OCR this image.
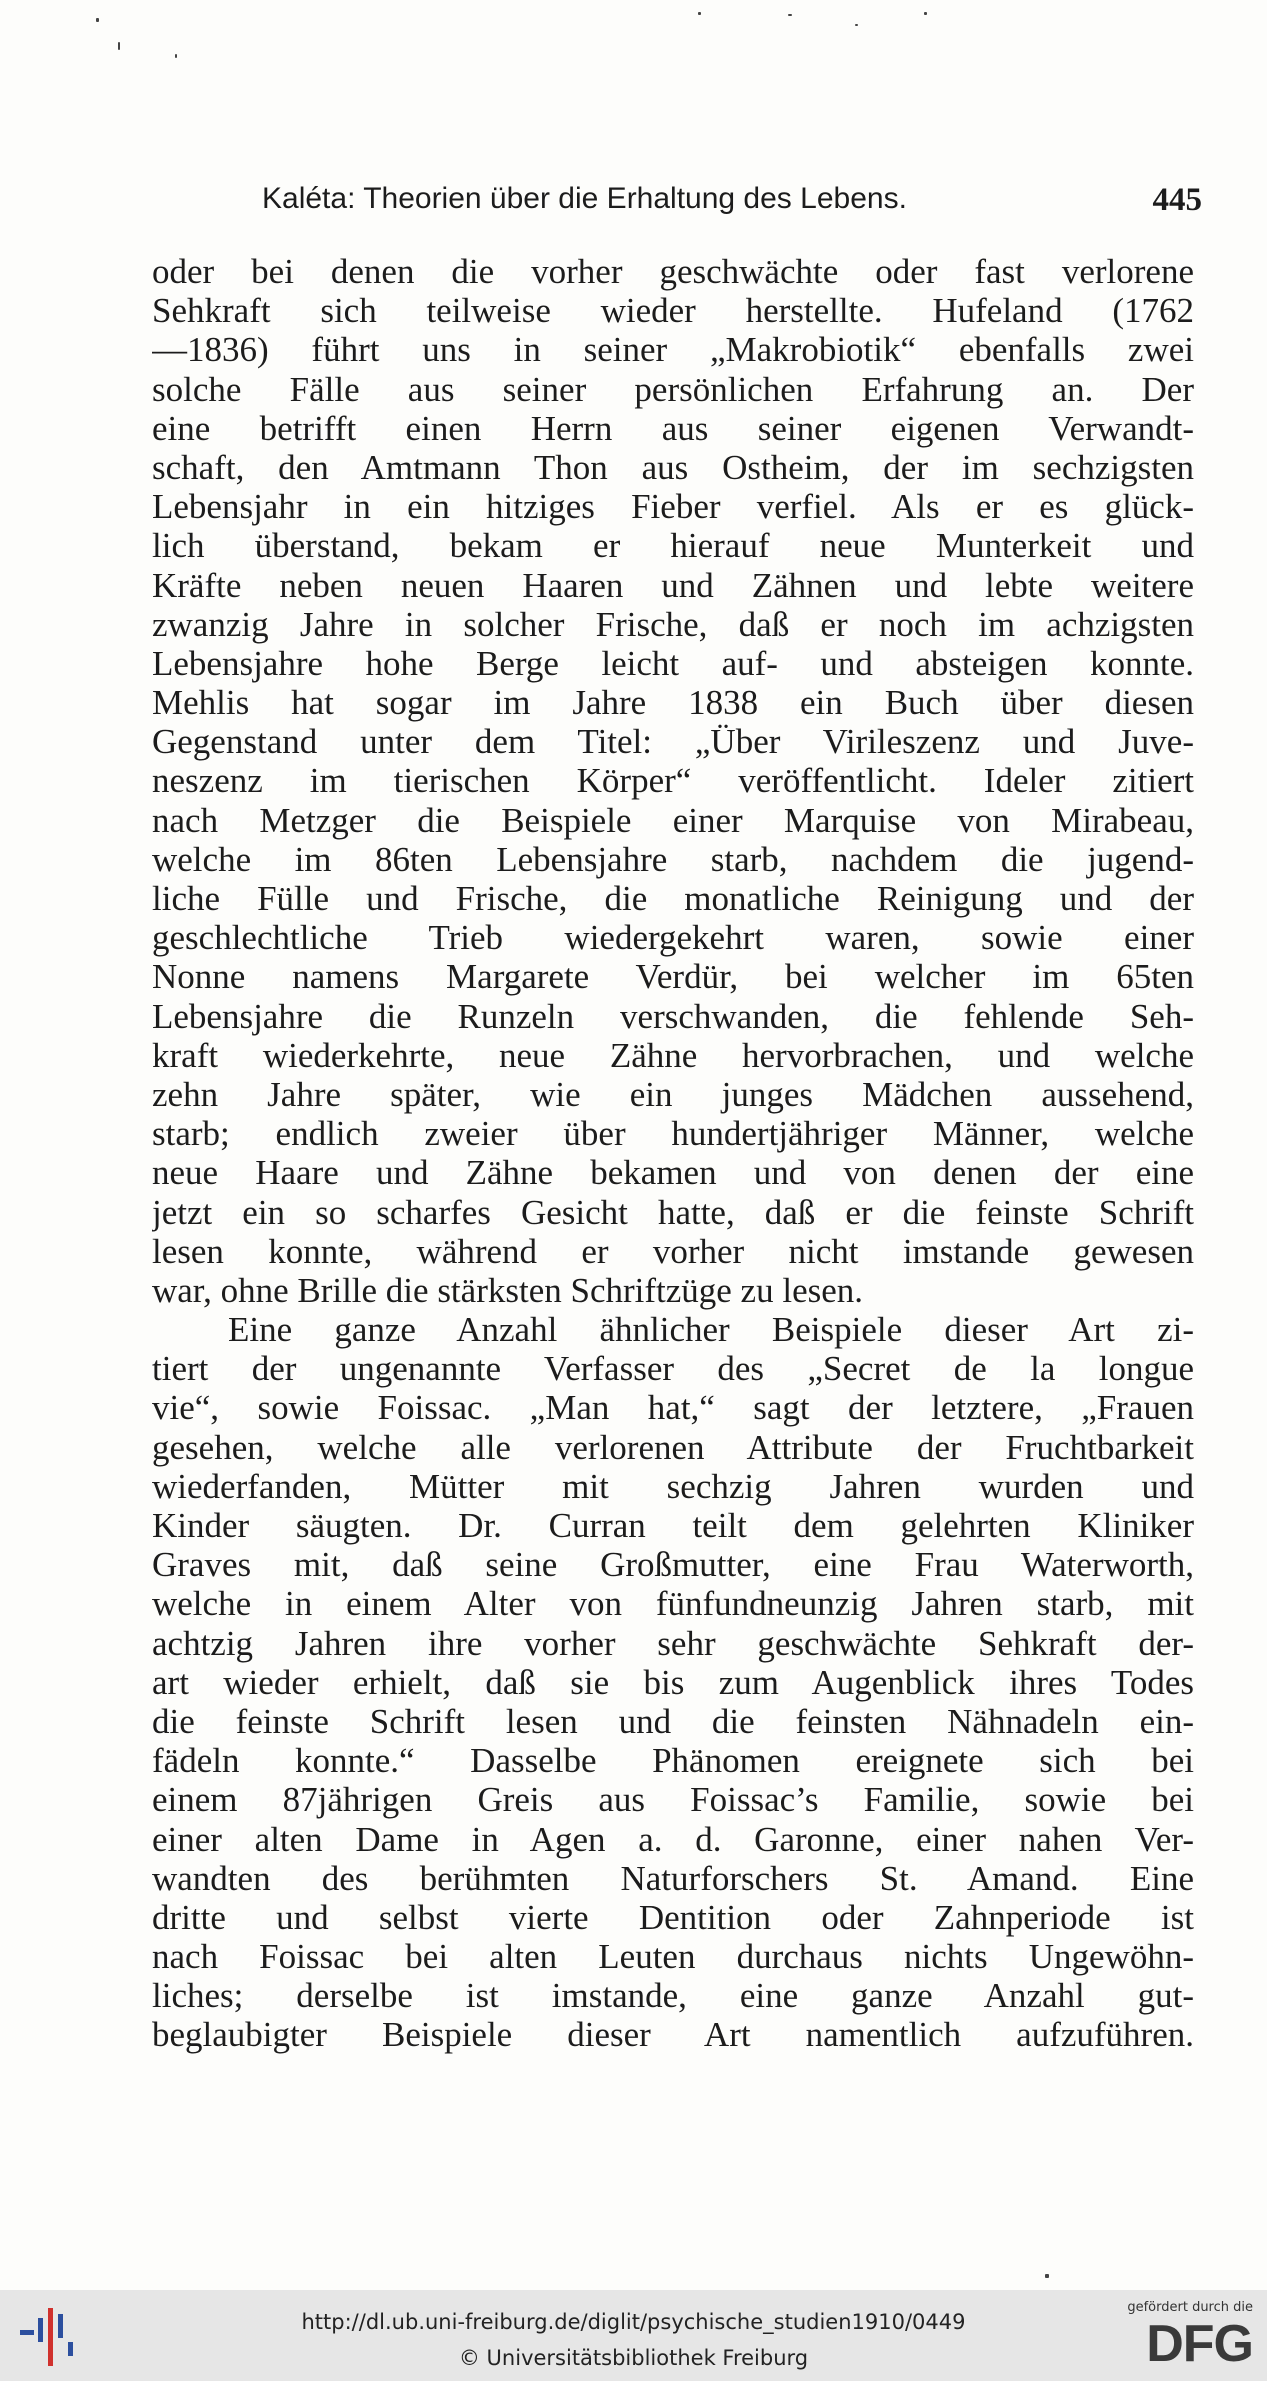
Kaléta: Theorien über die Erhaltung des Lebens.	445
oder bei denen die vorher geschwächte oder fast verlorene
Sehkraft sich teilweise wieder herstellte. Hufeland (1762
—1836) führt uns in seiner „Makrobiotik“ ebenfalls zwei
solche Fälle aus seiner persönlichen Erfahrung an. Der
eine betrifft einen Herrn aus seiner eigenen Verwandt-
schaft, den Amtmann Thon aus Ostheim, der im sechzigsten
Lebensjahr in ein hitziges Fieber verfiel. Als er es glück-
lich überstand, bekam er hierauf neue Munterkeit und
Kräfte neben neuen Haaren und Zähnen und lebte weitere
zwanzig Jahre in solcher Frische, daß er noch im achzigsten
Lebensjahre hohe Berge leicht auf- und absteigen konnte.
Mehlis hat sogar im Jahre 1838 ein Buch über diesen
Gegenstand unter dem Titel: „Über Virileszenz und Juve-
neszenz im tierischen Körper“ veröffentlicht. Ideler zitiert
nach Metzger die Beispiele einer Marquise von Mirabeau,
welche im 86ten Lebensjahre starb, nachdem die jugend-
liche Fülle und Frische, die monatliche Reinigung und der
geschlechtliche Trieb wiedergekehrt waren, sowie einer
Nonne namens Margarete Verdür, bei welcher im 65ten
Lebensjahre die Runzeln verschwanden, die fehlende Seh-
kraft wiederkehrte, neue Zähne hervorbrachen, und welche
zehn Jahre später, wie ein junges Mädchen aussehend,
starb; endlich zweier über hundertjähriger Männer, welche
neue Haare und Zähne bekamen und von denen der eine
jetzt ein so scharfes Gesicht hatte, daß er die feinste Schrift
lesen konnte, während er vorher nicht imstande gewesen
war, ohne Brille die stärksten Schriftzüge zu lesen.
Eine ganze Anzahl ähnlicher Beispiele dieser Art zi-
tiert der ungenannte Verfasser des „Secret de la longue
vie“, sowie Foissac. „Man hat,“ sagt der letztere, „Frauen
gesehen, welche alle verlorenen Attribute der Fruchtbarkeit
wiederfanden, Mütter mit sechzig Jahren wurden und
Kinder säugten. Dr. Curran teilt dem gelehrten Kliniker
Graves mit, daß seine Großmutter, eine Frau Waterworth,
welche in einem Alter von fünfundneunzig Jahren starb, mit
achtzig Jahren ihre vorher sehr geschwächte Sehkraft der-
art wieder erhielt, daß sie bis zum Augenblick ihres Todes
die feinste Schrift lesen und die feinsten Nähnadeln ein-
fädeln konnte.“ Dasselbe Phänomen ereignete sich bei
einem 87jährigen Greis aus Foissac’s Familie, sowie bei
einer alten Dame in Agen a. d. Garonne, einer nahen Ver-
wandten des berühmten Naturforschers St. Amand. Eine
dritte und selbst vierte Dentition oder Zahnperiode ist
nach Foissac bei alten Leuten durchaus nichts Ungewöhn-
liches; derselbe ist imstande, eine ganze Anzahl gut-
beglaubigter Beispiele dieser Art namentlich aufzuführen.
http://dl.ub.uni-freiburg.de/diglit/psychische_studien1910/0449
© Universitätsbibliothek Freiburg
gefördert durch die
DFG
